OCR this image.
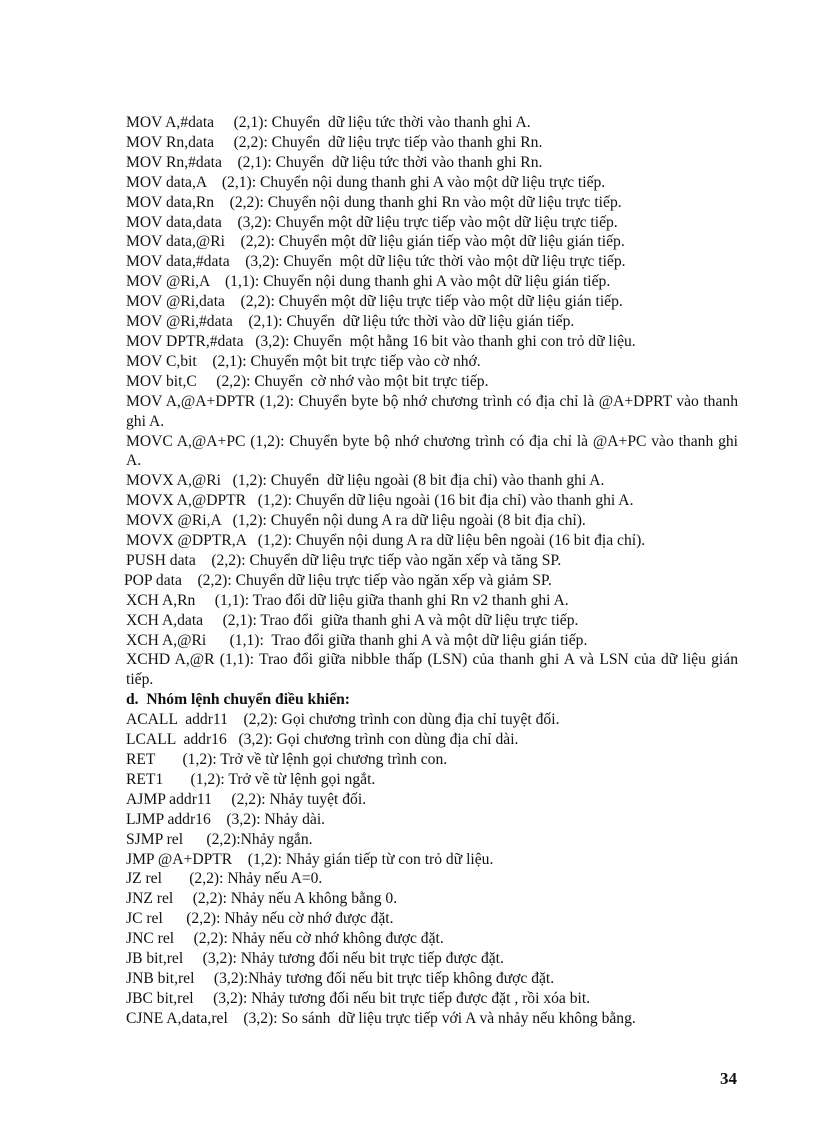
MOV A,#data     (2,1): Chuyển  dữ liệu tức thời vào thanh ghi A.

MOV Rn,data     (2,2): Chuyển  dữ liệu trực tiếp vào thanh ghi Rn.

MOV Rn,#data    (2,1): Chuyển  dữ liệu tức thời vào thanh ghi Rn.

MOV data,A    (2,1): Chuyển nội dung thanh ghi A vào một dữ liệu trực tiếp.

MOV data,Rn    (2,2): Chuyển nội dung thanh ghi Rn vào một dữ liệu trực tiếp.

MOV data,data    (3,2): Chuyển một dữ liệu trực tiếp vào một dữ liệu trực tiếp.

MOV data,@Ri    (2,2): Chuyển một dữ liệu gián tiếp vào một dữ liệu gián tiếp.

MOV data,#data    (3,2): Chuyển  một dữ liệu tức thời vào một dữ liệu trực tiếp.

MOV @Ri,A    (1,1): Chuyển nội dung thanh ghi A vào một dữ liệu gián tiếp.

MOV @Ri,data    (2,2): Chuyển một dữ liệu trực tiếp vào một dữ liệu gián tiếp.

MOV @Ri,#data    (2,1): Chuyển  dữ liệu tức thời vào dữ liệu gián tiếp.

MOV DPTR,#data   (3,2): Chuyển  một hằng 16 bit vào thanh ghi con trỏ dữ liệu.

MOV C,bit    (2,1): Chuyển một bit trực tiếp vào cờ nhớ.

MOV bit,C     (2,2): Chuyển  cờ nhớ vào một bit trực tiếp.

MOV A,@A+DPTR (1,2): Chuyển byte bộ nhớ chương trình có địa chỉ là @A+DPRT vào thanh ghi A.

MOVC A,@A+PC (1,2): Chuyển byte bộ nhớ chương trình có địa chỉ là @A+PC vào thanh ghi A.

MOVX A,@Ri   (1,2): Chuyển  dữ liệu ngoài (8 bit địa chỉ) vào thanh ghi A.

MOVX A,@DPTR   (1,2): Chuyển dữ liệu ngoài (16 bit địa chỉ) vào thanh ghi A.

MOVX @Ri,A   (1,2): Chuyển nội dung A ra dữ liệu ngoài (8 bit địa chỉ).

MOVX @DPTR,A   (1,2): Chuyển nội dung A ra dữ liệu bên ngoài (16 bit địa chỉ).

PUSH data    (2,2): Chuyển dữ liệu trực tiếp vào ngăn xếp và tăng SP.

POP data    (2,2): Chuyển dữ liệu trực tiếp vào ngăn xếp và giảm SP.

XCH A,Rn     (1,1): Trao đổi dữ liệu giữa thanh ghi Rn v2 thanh ghi A.

XCH A,data     (2,1): Trao đổi  giữa thanh ghi A và một dữ liệu trực tiếp.

XCH A,@Ri      (1,1):  Trao đổi giữa thanh ghi A và một dữ liệu gián tiếp.

XCHD A,@R (1,1): Trao đổi giữa nibble thấp (LSN) của thanh ghi A và LSN của dữ liệu gián tiếp.

d.  Nhóm lệnh chuyển điều khiển:

ACALL  addr11    (2,2): Gọi chương trình con dùng địa chỉ tuyệt đối.

LCALL  addr16   (3,2): Gọi chương trình con dùng địa chỉ dài.

RET       (1,2): Trở về từ lệnh gọi chương trình con.

RET1       (1,2): Trở về từ lệnh gọi ngắt.

AJMP addr11     (2,2): Nhảy tuyệt đối.

LJMP addr16    (3,2): Nhảy dài.

SJMP rel      (2,2):Nhảy ngắn.

JMP @A+DPTR    (1,2): Nhảy gián tiếp từ con trỏ dữ liệu.

JZ rel       (2,2): Nhảy nếu A=0.

JNZ rel     (2,2): Nhảy nếu A không bằng 0.

JC rel      (2,2): Nhảy nếu cờ nhớ được đặt.

JNC rel     (2,2): Nhảy nếu cờ nhớ không được đặt.

JB bit,rel     (3,2): Nhảy tương đối nếu bit trực tiếp được đặt.

JNB bit,rel     (3,2):Nhảy tương đối nếu bit trực tiếp không được đặt.

JBC bit,rel     (3,2): Nhảy tương đối nếu bit trực tiếp được đặt , rồi xóa bit.

CJNE A,data,rel    (3,2): So sánh  dữ liệu trực tiếp với A và nhảy nếu không bằng.

34
